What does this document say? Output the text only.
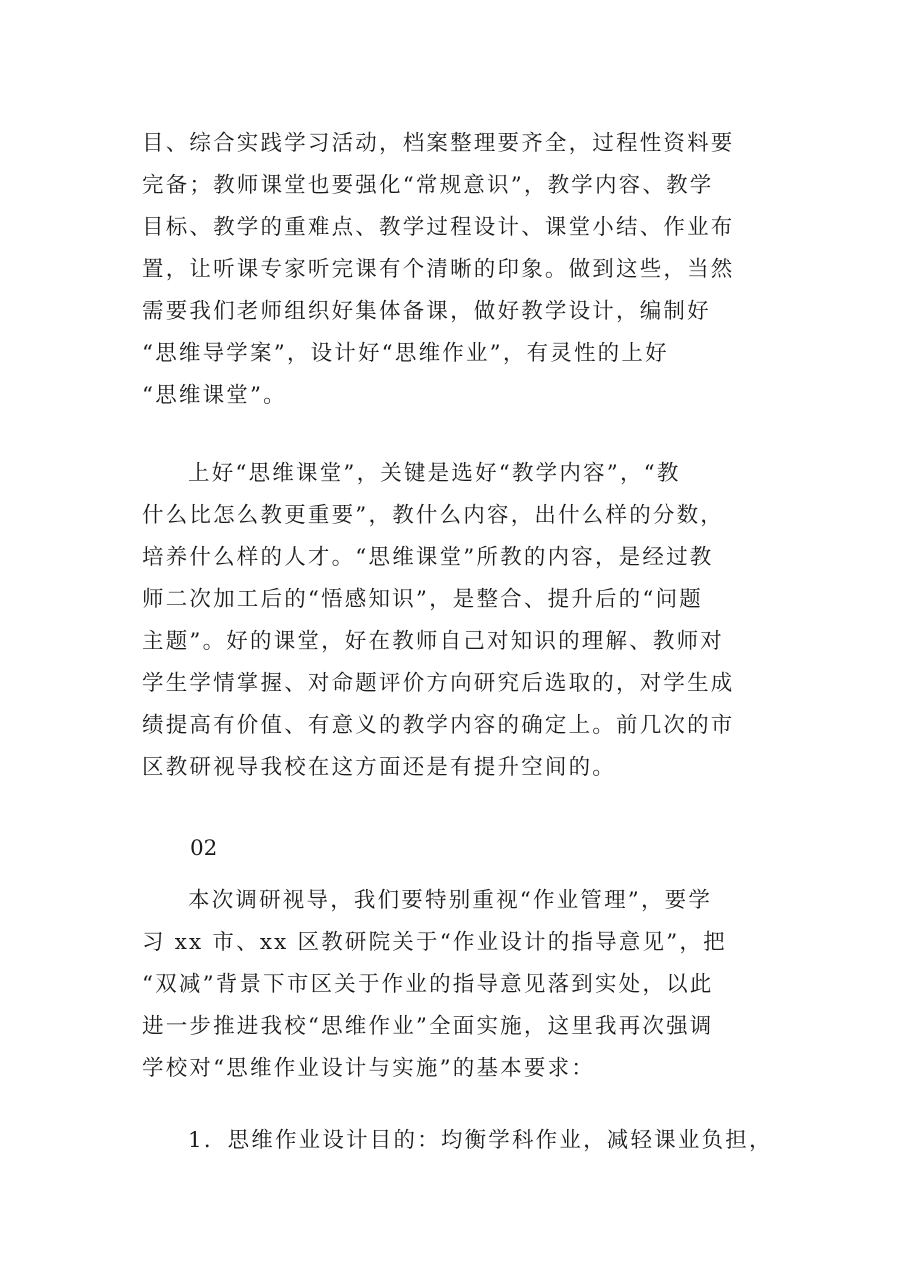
目、综合实践学习活动，档案整理要齐全，过程性资料要
完备；教师课堂也要强化“常规意识”，教学内容、教学
目标、教学的重难点、教学过程设计、课堂小结、作业布
置，让听课专家听完课有个清晰的印象。做到这些，当然
需要我们老师组织好集体备课，做好教学设计，编制好
“思维导学案”，设计好“思维作业”，有灵性的上好
“思维课堂”。
上好“思维课堂”，关键是选好“教学内容”，“教
什么比怎么教更重要”，教什么内容，出什么样的分数，
培养什么样的人才。“思维课堂”所教的内容，是经过教
师二次加工后的“悟感知识”，是整合、提升后的“问题
主题”。好的课堂，好在教师自己对知识的理解、教师对
学生学情掌握、对命题评价方向研究后选取的，对学生成
绩提高有价值、有意义的教学内容的确定上。前几次的市
区教研视导我校在这方面还是有提升空间的。
02
本次调研视导，我们要特别重视“作业管理”，要学
习 xx 市、xx 区教研院关于“作业设计的指导意见”，把
“双减”背景下市区关于作业的指导意见落到实处，以此
进一步推进我校“思维作业”全面实施，这里我再次强调
学校对“思维作业设计与实施”的基本要求：
1．思维作业设计目的：均衡学科作业，减轻课业负担，
